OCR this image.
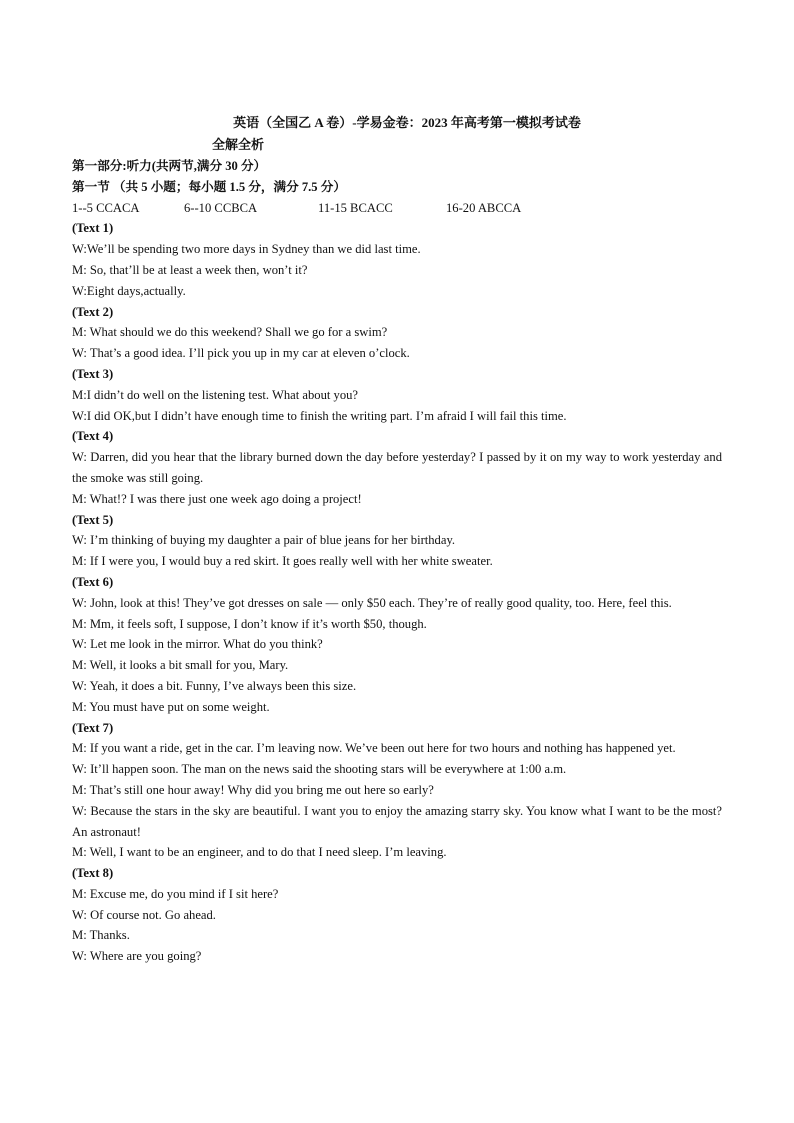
英语（全国乙 A 卷）-学易金卷：2023 年高考第一模拟考试卷
全解全析
第一部分:听力(共两节,满分 30 分）
第一节 （共 5 小题；每小题 1.5 分，满分 7.5 分）
1--5 CCACA	6--10 CCBCA	11-15 BCACC	16-20 ABCCA
(Text 1)
W:We’ll be spending two more days in Sydney than we did last time.
M: So, that’ll be at least a week then, won’t it?
W:Eight days,actually.
(Text 2)
M: What should we do this weekend? Shall we go for a swim?
W: That’s a good idea. I’ll pick you up in my car at eleven o’clock.
(Text 3)
M:I didn’t do well on the listening test. What about you?
W:I did OK,but I didn’t have enough time to finish the writing part. I’m afraid I will fail this time.
(Text 4)
W: Darren, did you hear that the library burned down the day before yesterday? I passed by it on my way to work yesterday and the smoke was still going.
M: What!? I was there just one week ago doing a project!
(Text 5)
W: I’m thinking of buying my daughter a pair of blue jeans for her birthday.
M: If I were you, I would buy a red skirt. It goes really well with her white sweater.
(Text 6)
W: John, look at this! They’ve got dresses on sale — only $50 each. They’re of really good quality, too. Here, feel this.
M: Mm, it feels soft, I suppose, I don’t know if it’s worth $50, though.
W: Let me look in the mirror. What do you think?
M: Well, it looks a bit small for you, Mary.
W: Yeah, it does a bit. Funny, I’ve always been this size.
M: You must have put on some weight.
(Text 7)
M: If you want a ride, get in the car. I’m leaving now. We’ve been out here for two hours and nothing has happened yet.
W: It’ll happen soon. The man on the news said the shooting stars will be everywhere at 1:00 a.m.
M: That’s still one hour away! Why did you bring me out here so early?
W: Because the stars in the sky are beautiful. I want you to enjoy the amazing starry sky. You know what I want to be the most? An astronaut!
M: Well, I want to be an engineer, and to do that I need sleep. I’m leaving.
(Text 8)
M: Excuse me, do you mind if I sit here?
W: Of course not. Go ahead.
M: Thanks.
W: Where are you going?
